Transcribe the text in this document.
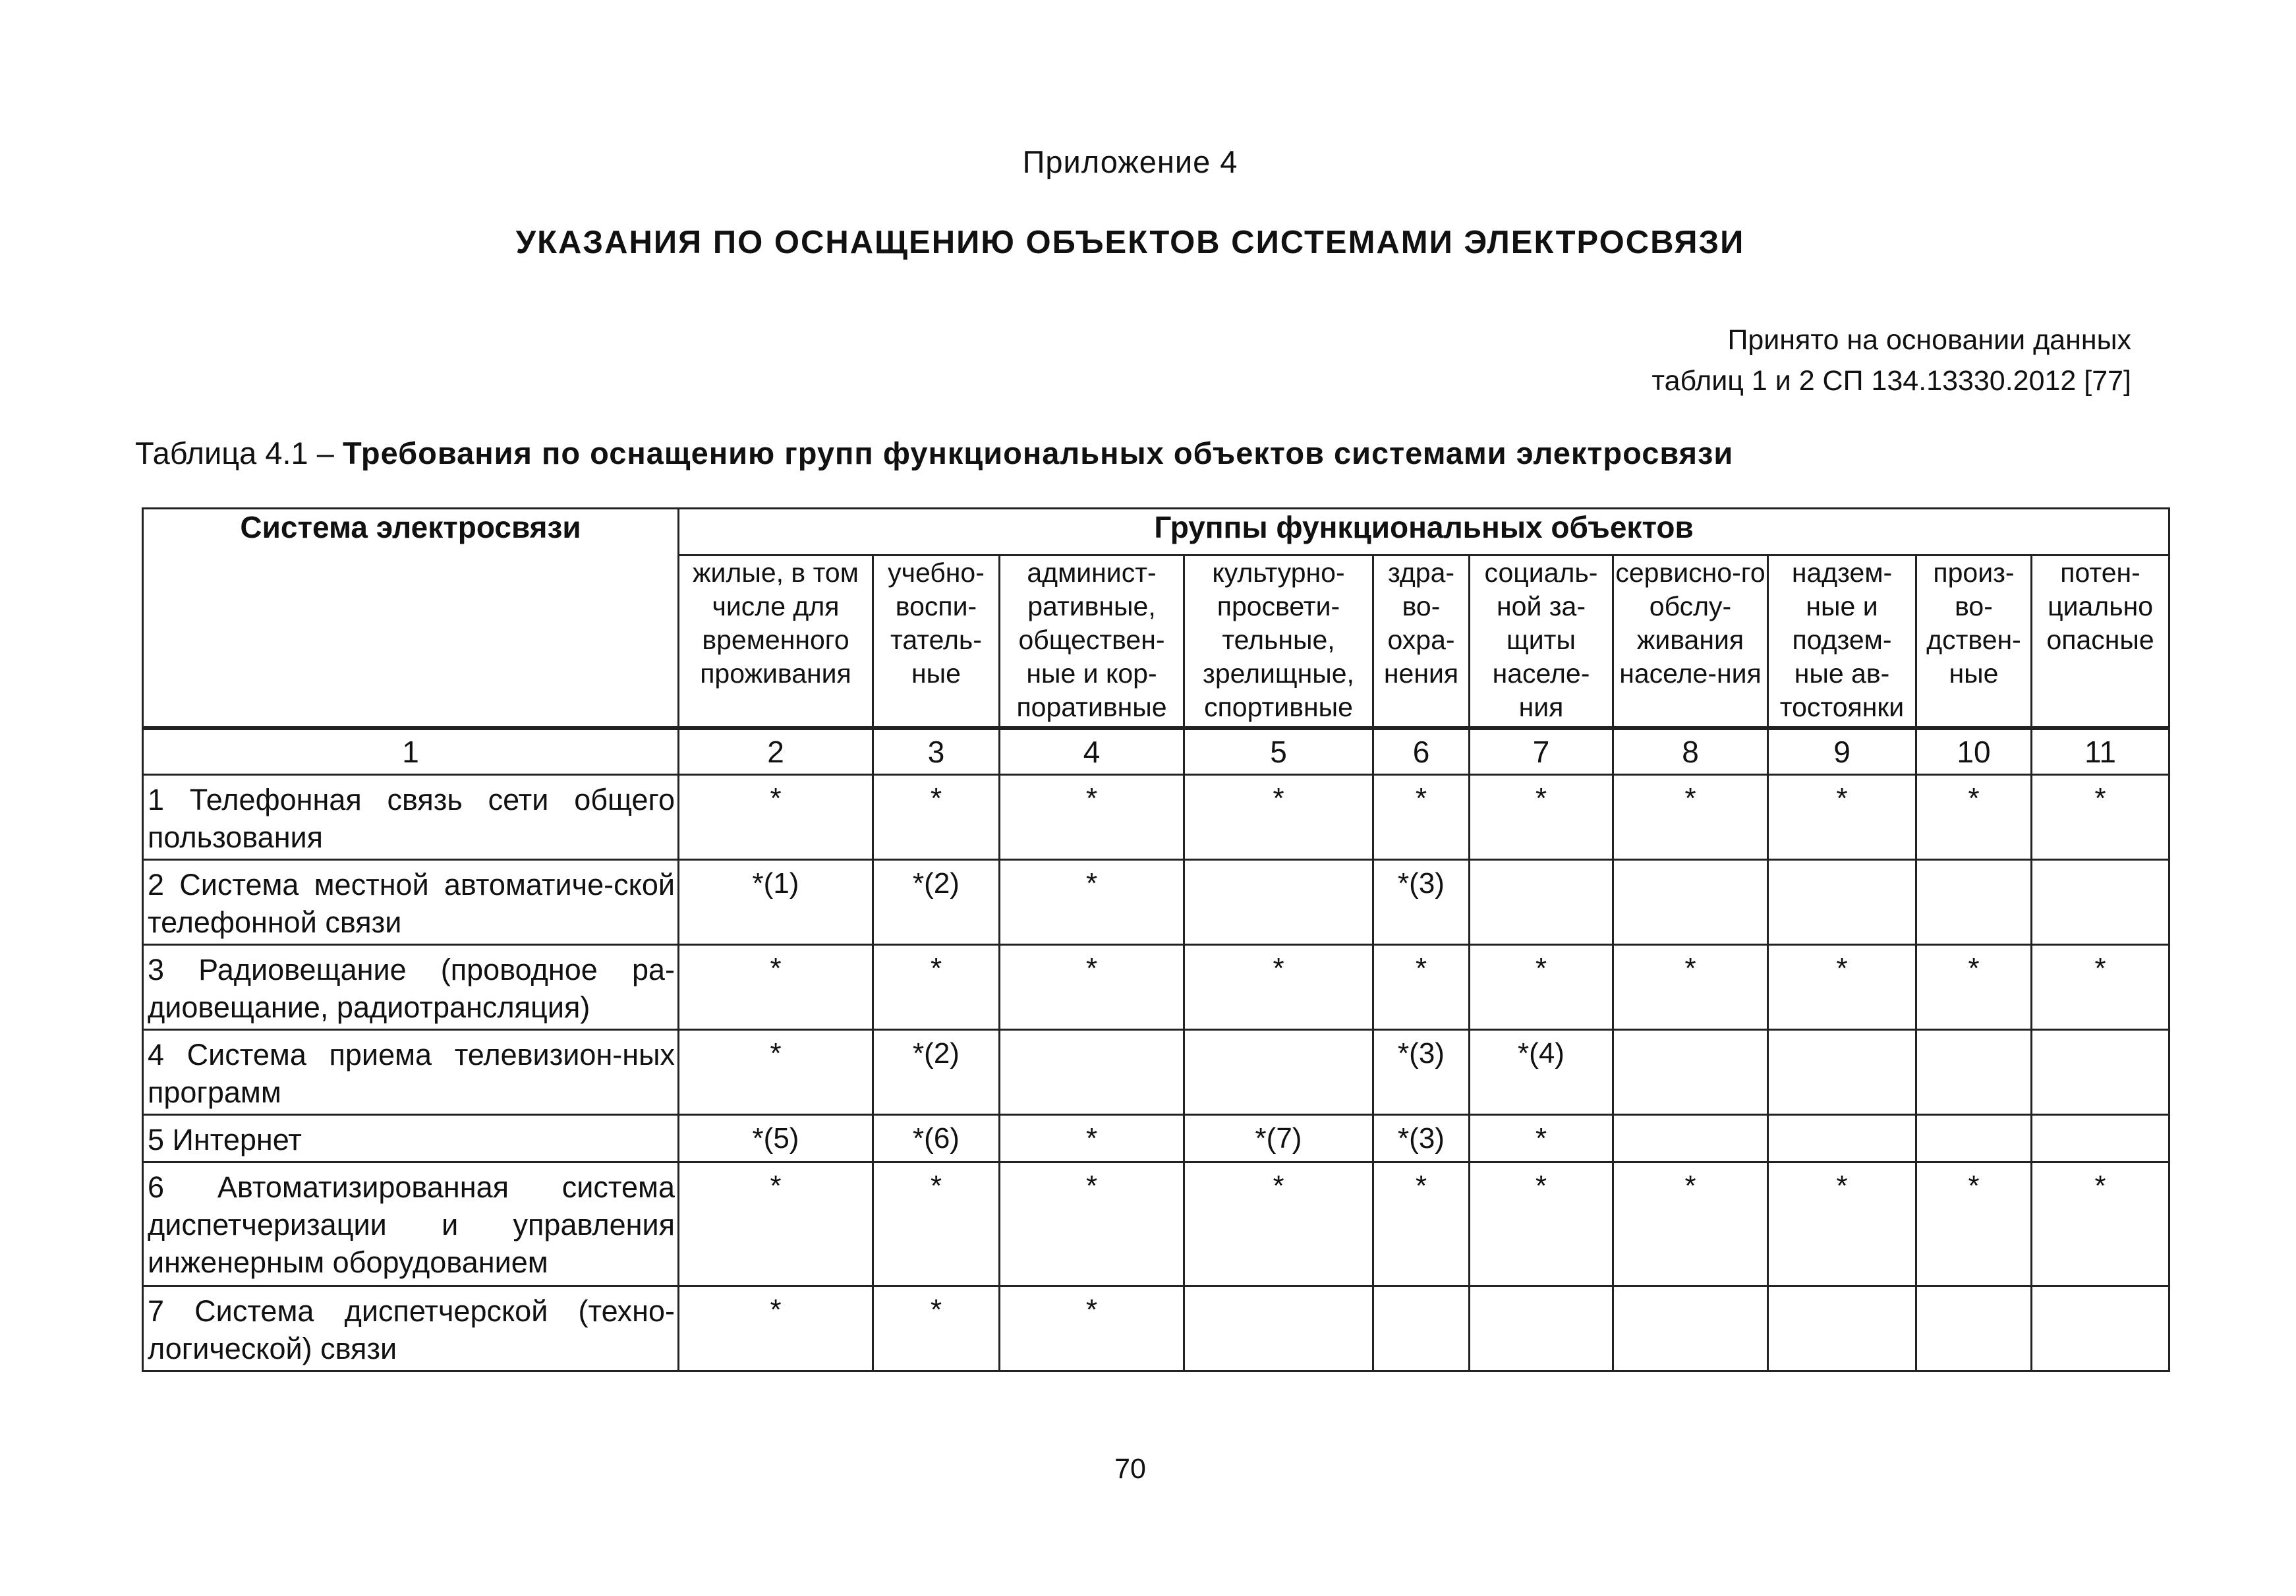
Приложение 4
УКАЗАНИЯ ПО ОСНАЩЕНИЮ ОБЪЕКТОВ СИСТЕМАМИ ЭЛЕКТРОСВЯЗИ
Принято на основании данных
таблиц 1 и 2 СП 134.13330.2012 [77]
Таблица 4.1 – Требования по оснащению групп функциональных объектов системами электросвязи
Система электросвязи	Группы функциональных объектов									
	жилые, в том числе для временного проживания	учебно-воспи-татель-ные	админист-ративные, обществен-ные и кор-поративные	культурно-просвети-тельные, зрелищные, спортивные	здра-во-охра-нения	социаль-ной за-щиты населе-ния	сервисно-го обслу-живания населе-ния	надзем-ные и подзем-ные ав-тостоянки	произ-во-дствен-ные	потен-циально опасные
1	2	3	4	5	6	7	8	9	10	11
1 Телефонная связь сети общего пользования	*	*	*	*	*	*	*	*	*	*
2 Система местной автоматиче-ской телефонной связи	*(1)	*(2)	*		*(3)					
3 Радиовещание (проводное ра-диовещание, радиотрансляция)	*	*	*	*	*	*	*	*	*	*
4 Система приема телевизион-ных программ	*	*(2)			*(3)	*(4)				
5 Интернет	*(5)	*(6)	*	*(7)	*(3)	*				
6 Автоматизированная система диспетчеризации и управления инженерным оборудованием	*	*	*	*	*	*	*	*	*	*
7 Система диспетчерской (техно-логической) связи	*	*	*							
70
